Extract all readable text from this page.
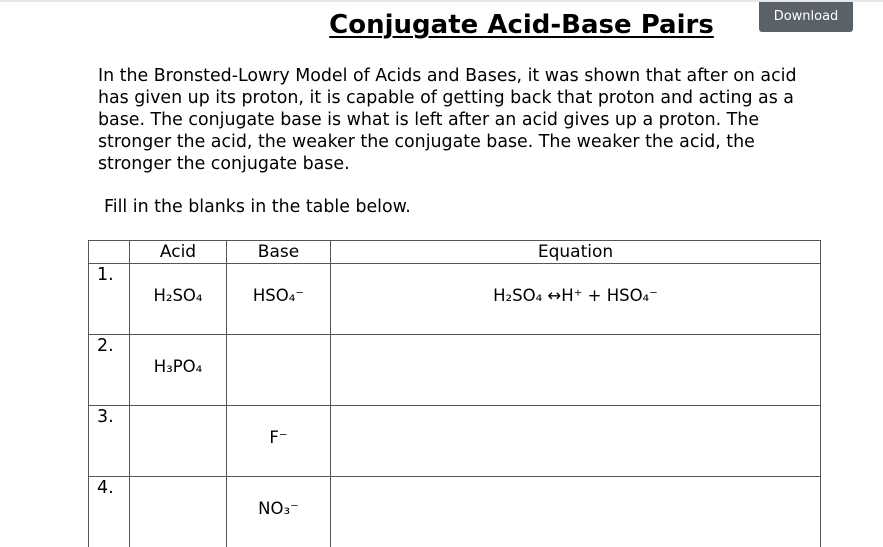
Conjugate Acid-Base Pairs	Download

In the Bronsted-Lowry Model of Acids and Bases, it was shown that after on acid has given up its proton, it is capable of getting back that proton and acting as a base. The conjugate base is what is left after an acid gives up a proton. The stronger the acid, the weaker the conjugate base. The weaker the acid, the stronger the conjugate base.

Fill in the blanks in the table below.

	Acid	Base	Equation

1.	H₂SO₄	HSO₄⁻	H₂SO₄ ↔H⁺ + HSO₄⁻

2.	H₃PO₄		

3.		F⁻	

4.		NO₃⁻	
